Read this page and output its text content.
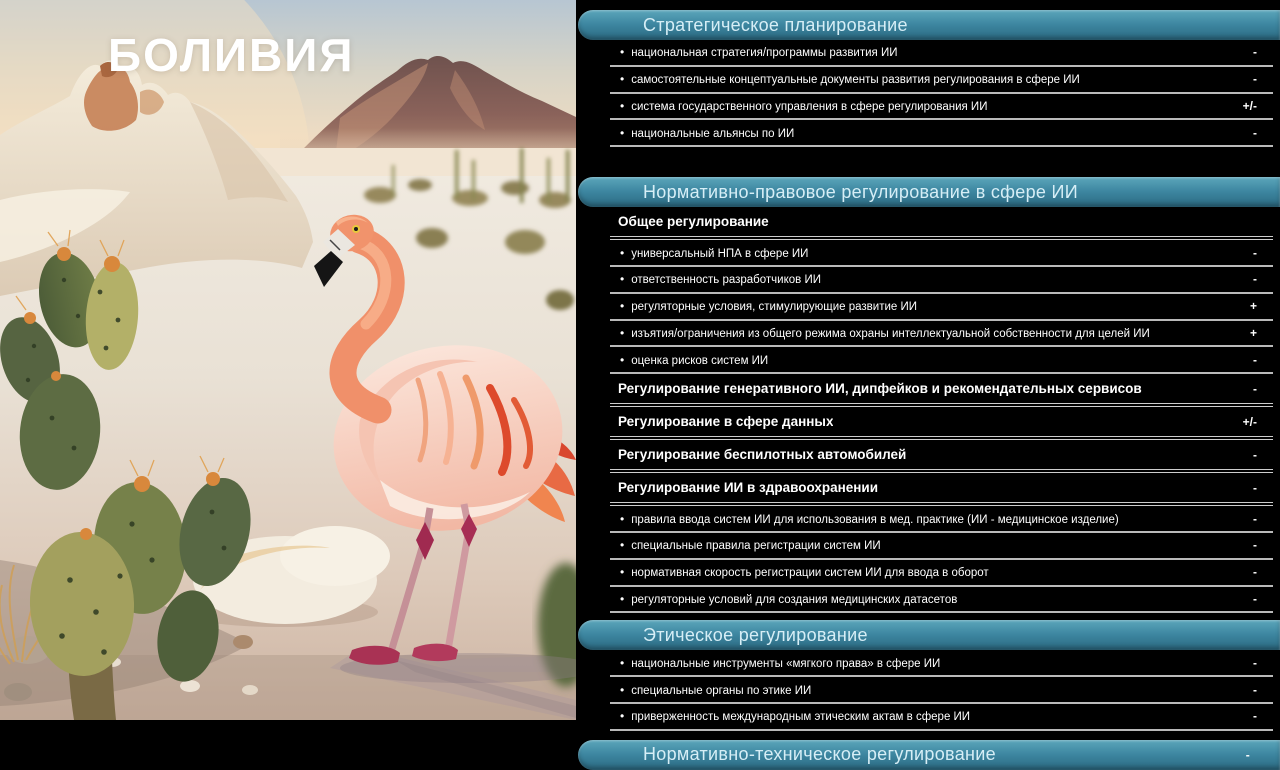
БОЛИВИЯ
Стратегическое планирование
• национальная стратегия/программы развития ИИ	-
• самостоятельные концептуальные документы развития регулирования в сфере ИИ	-
• система государственного управления в сфере регулирования ИИ	+/-
• национальные альянсы по ИИ	-
Нормативно-правовое регулирование в сфере ИИ
Общее регулирование
• универсальный НПА в сфере ИИ	-
• ответственность разработчиков ИИ	-
• регуляторные условия, стимулирующие развитие ИИ	+
• изъятия/ограничения из общего режима охраны интеллектуальной собственности для целей ИИ	+
• оценка рисков систем ИИ	-
Регулирование генеративного ИИ, дипфейков и рекомендательных сервисов	-
Регулирование в сфере данных	+/-
Регулирование беспилотных автомобилей	-
Регулирование ИИ в здравоохранении	-
• правила ввода систем ИИ для использования в мед. практике (ИИ - медицинское изделие)	-
• специальные правила регистрации систем ИИ	-
• нормативная скорость регистрации систем ИИ для ввода в оборот	-
• регуляторные условий для создания медицинских датасетов	-
Этическое регулирование
• национальные инструменты «мягкого права» в сфере ИИ	-
• специальные органы по этике ИИ	-
• приверженность международным этическим актам в сфере ИИ	-
Нормативно-техническое регулирование	-
